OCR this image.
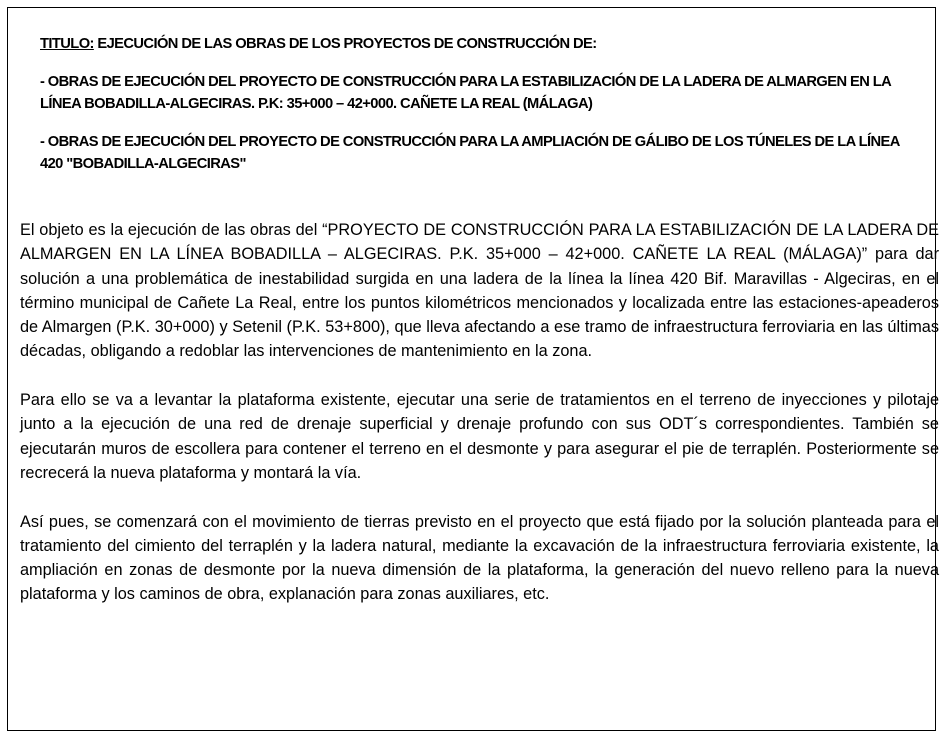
TITULO: EJECUCIÓN DE LAS OBRAS DE LOS PROYECTOS DE CONSTRUCCIÓN DE:
- OBRAS DE EJECUCIÓN DEL PROYECTO DE CONSTRUCCIÓN PARA LA ESTABILIZACIÓN DE LA LADERA DE ALMARGEN EN LA LÍNEA BOBADILLA-ALGECIRAS. P.K: 35+000 – 42+000. CAÑETE LA REAL (MÁLAGA)
- OBRAS DE EJECUCIÓN DEL PROYECTO DE CONSTRUCCIÓN PARA LA AMPLIACIÓN DE GÁLIBO DE LOS TÚNELES DE LA LÍNEA 420 "BOBADILLA-ALGECIRAS"

El objeto es la ejecución de las obras del “PROYECTO DE CONSTRUCCIÓN PARA LA ESTABILIZACIÓN DE LA LADERA DE ALMARGEN EN LA LÍNEA BOBADILLA – ALGECIRAS. P.K. 35+000 – 42+000. CAÑETE LA REAL (MÁLAGA)” para dar solución a una problemática de inestabilidad surgida en una ladera de la línea la línea 420 Bif. Maravillas - Algeciras, en el término municipal de Cañete La Real, entre los puntos kilométricos mencionados y localizada entre las estaciones-apeaderos de Almargen (P.K. 30+000) y Setenil (P.K. 53+800), que lleva afectando a ese tramo de infraestructura ferroviaria en las últimas décadas, obligando a redoblar las intervenciones de mantenimiento en la zona.

Para ello se va a levantar la plataforma existente, ejecutar una serie de tratamientos en el terreno de inyecciones y pilotaje junto a la ejecución de una red de drenaje superficial y drenaje profundo con sus ODT´s correspondientes. También se ejecutarán muros de escollera para contener el terreno en el desmonte y para asegurar el pie de terraplén. Posteriormente se recrecerá la nueva plataforma y montará la vía.

Así pues, se comenzará con el movimiento de tierras previsto en el proyecto que está fijado por la solución planteada para el tratamiento del cimiento del terraplén y la ladera natural, mediante la excavación de la infraestructura ferroviaria existente, la ampliación en zonas de desmonte por la nueva dimensión de la plataforma, la generación del nuevo relleno para la nueva plataforma y los caminos de obra, explanación para zonas auxiliares, etc.
